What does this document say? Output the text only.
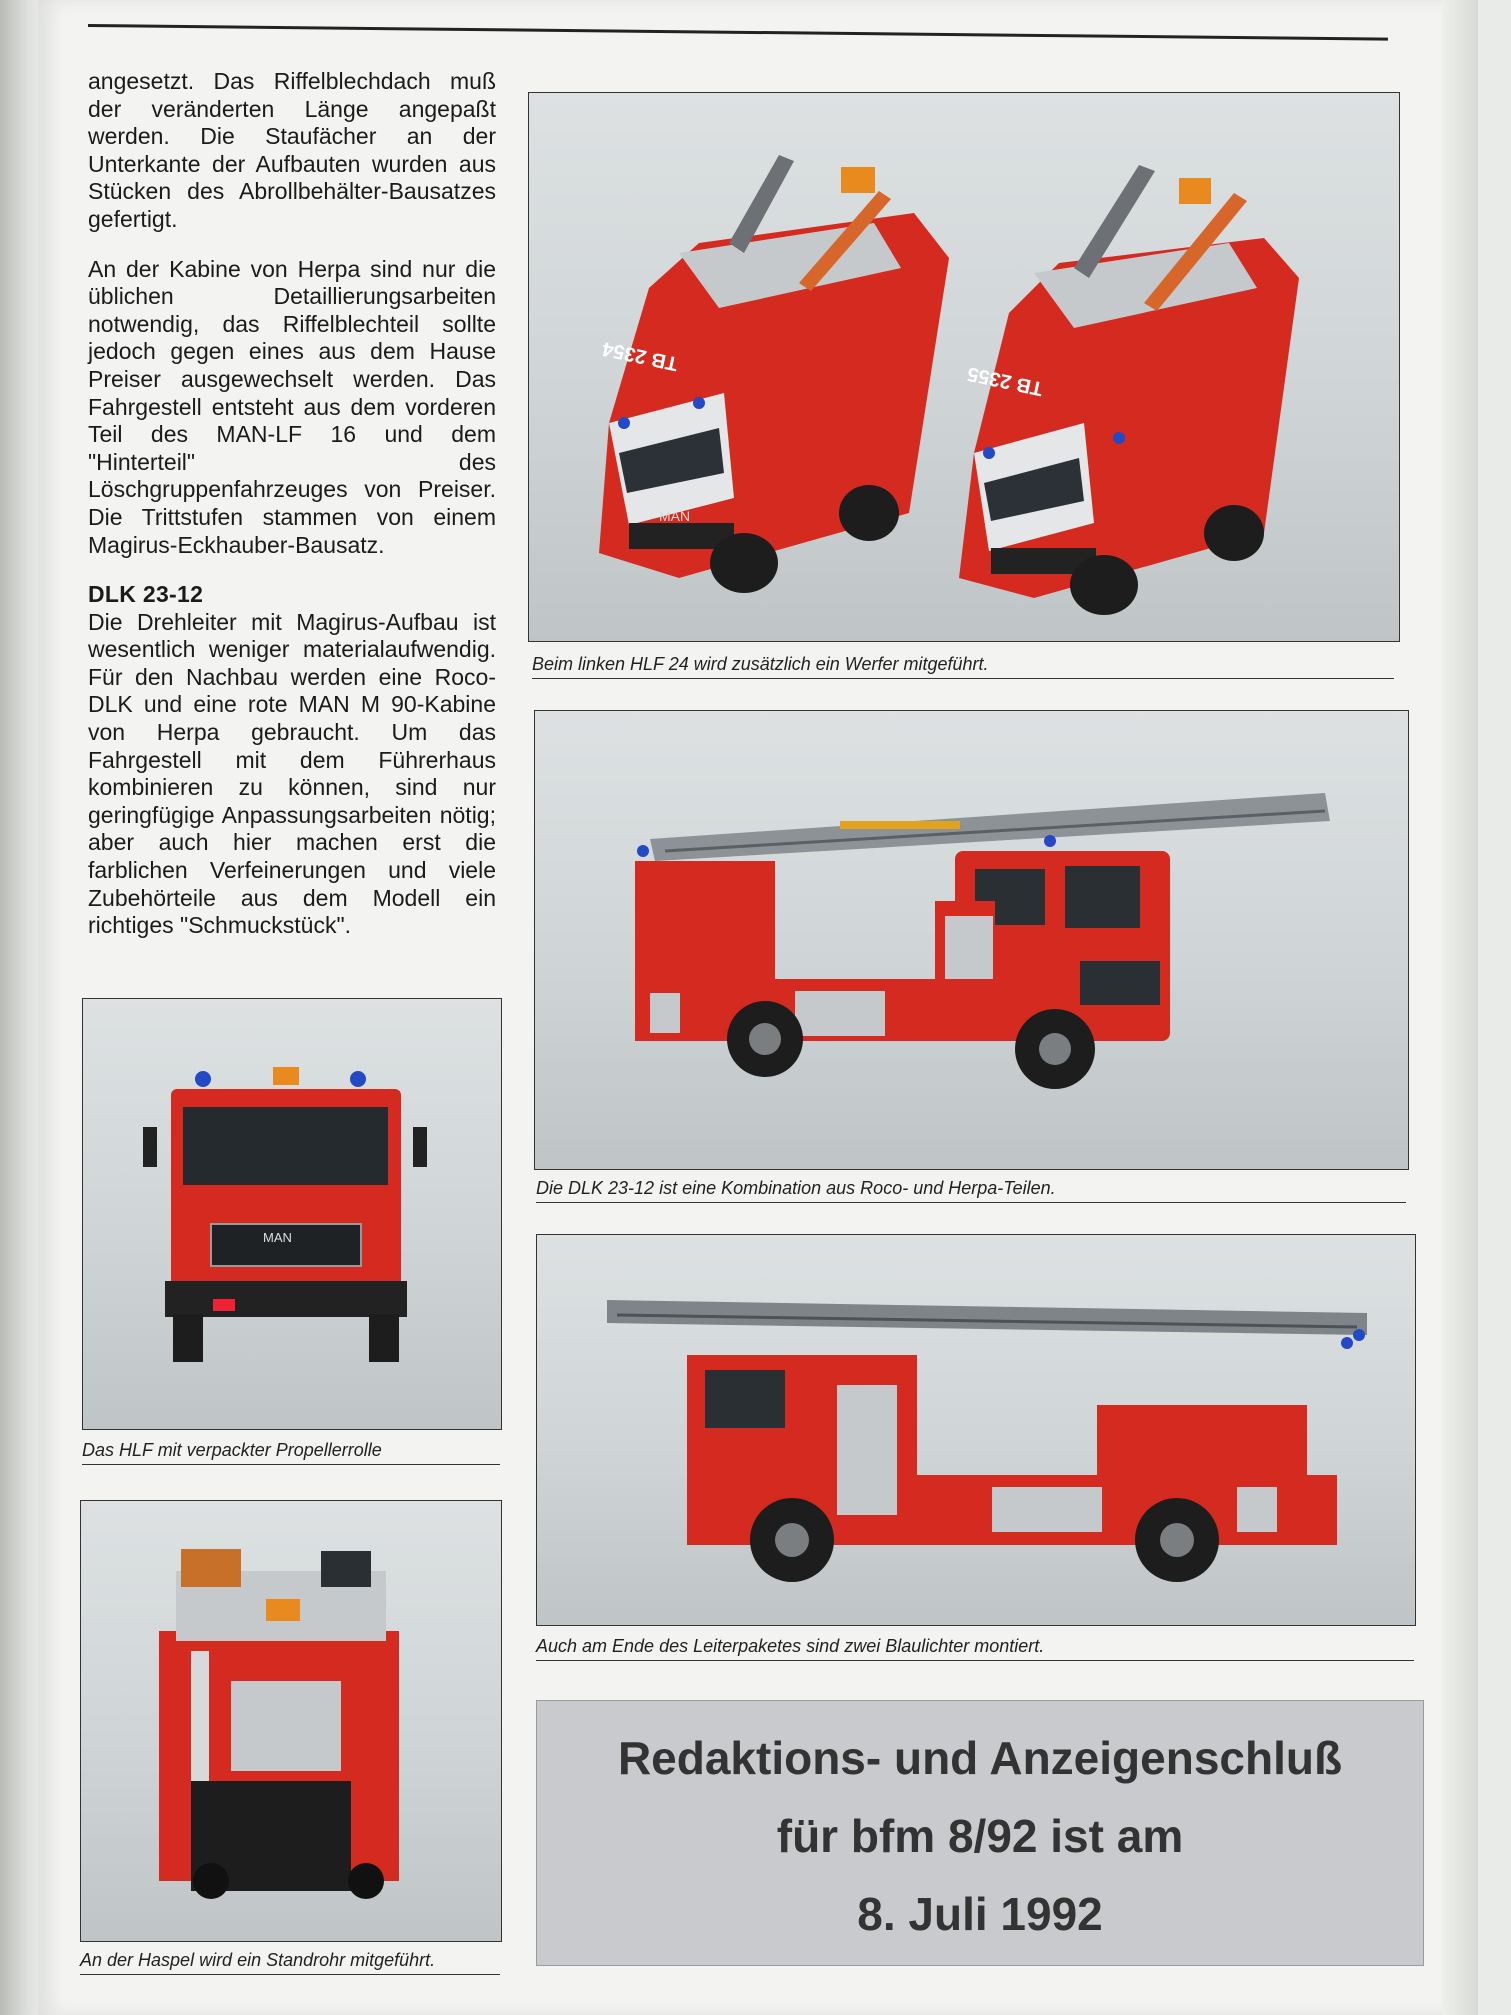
angesetzt. Das Riffelblechdach muß der veränderten Länge angepaßt werden. Die Staufächer an der Unterkante der Aufbauten wurden aus Stücken des Abrollbehälter-Bausatzes gefertigt.

An der Kabine von Herpa sind nur die üblichen Detaillierungsarbeiten notwendig, das Riffelblechteil sollte jedoch gegen eines aus dem Hause Preiser ausgewechselt werden. Das Fahrgestell entsteht aus dem vorderen Teil des MAN-LF 16 und dem "Hinterteil" des Löschgruppenfahrzeuges von Preiser. Die Trittstufen stammen von einem Magirus-Eckhauber-Bausatz.

DLK 23-12

Die Drehleiter mit Magirus-Aufbau ist wesentlich weniger materialaufwendig. Für den Nachbau werden eine Roco-DLK und eine rote MAN M 90-Kabine von Herpa gebraucht. Um das Fahrgestell mit dem Führerhaus kombinieren zu können, sind nur geringfügige Anpassungsarbeiten nötig; aber auch hier machen erst die farblichen Verfeinerungen und viele Zubehörteile aus dem Modell ein richtiges "Schmuckstück".

TB 2354
MAN
TB 2355
Beim linken HLF 24 wird zusätzlich ein Werfer mitgeführt.
Die DLK 23-12 ist eine Kombination aus Roco- und Herpa-Teilen.
MAN
Das HLF mit verpackter Propellerrolle
Auch am Ende des Leiterpaketes sind zwei Blaulichter montiert.
An der Haspel wird ein Standrohr mitgeführt.
Redaktions- und Anzeigenschluß
für bfm 8/92 ist am
8. Juli 1992
